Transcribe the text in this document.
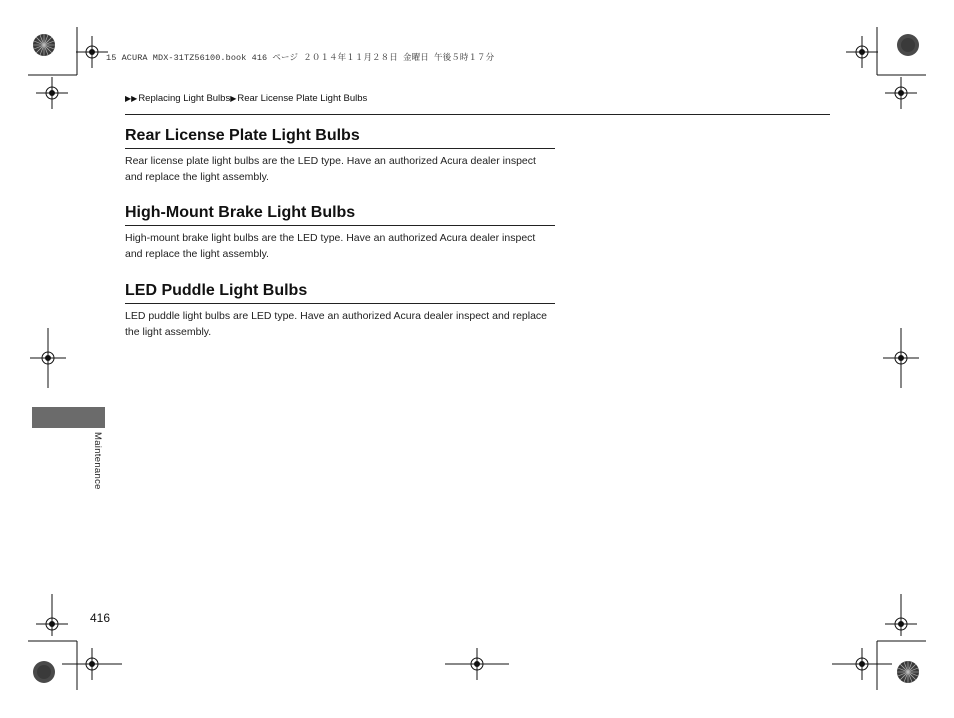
15 ACURA MDX-31TZ56100.book 416 ページ ２０１４年１１月２８日 金曜日 午後５時１７分
▶▶Replacing Light Bulbs▶Rear License Plate Light Bulbs
Rear License Plate Light Bulbs

Rear license plate light bulbs are the LED type. Have an authorized Acura dealer inspect and replace the light assembly.

High-Mount Brake Light Bulbs

High-mount brake light bulbs are the LED type. Have an authorized Acura dealer inspect and replace the light assembly.

LED Puddle Light Bulbs

LED puddle light bulbs are LED type. Have an authorized Acura dealer inspect and replace the light assembly.

Maintenance
416
